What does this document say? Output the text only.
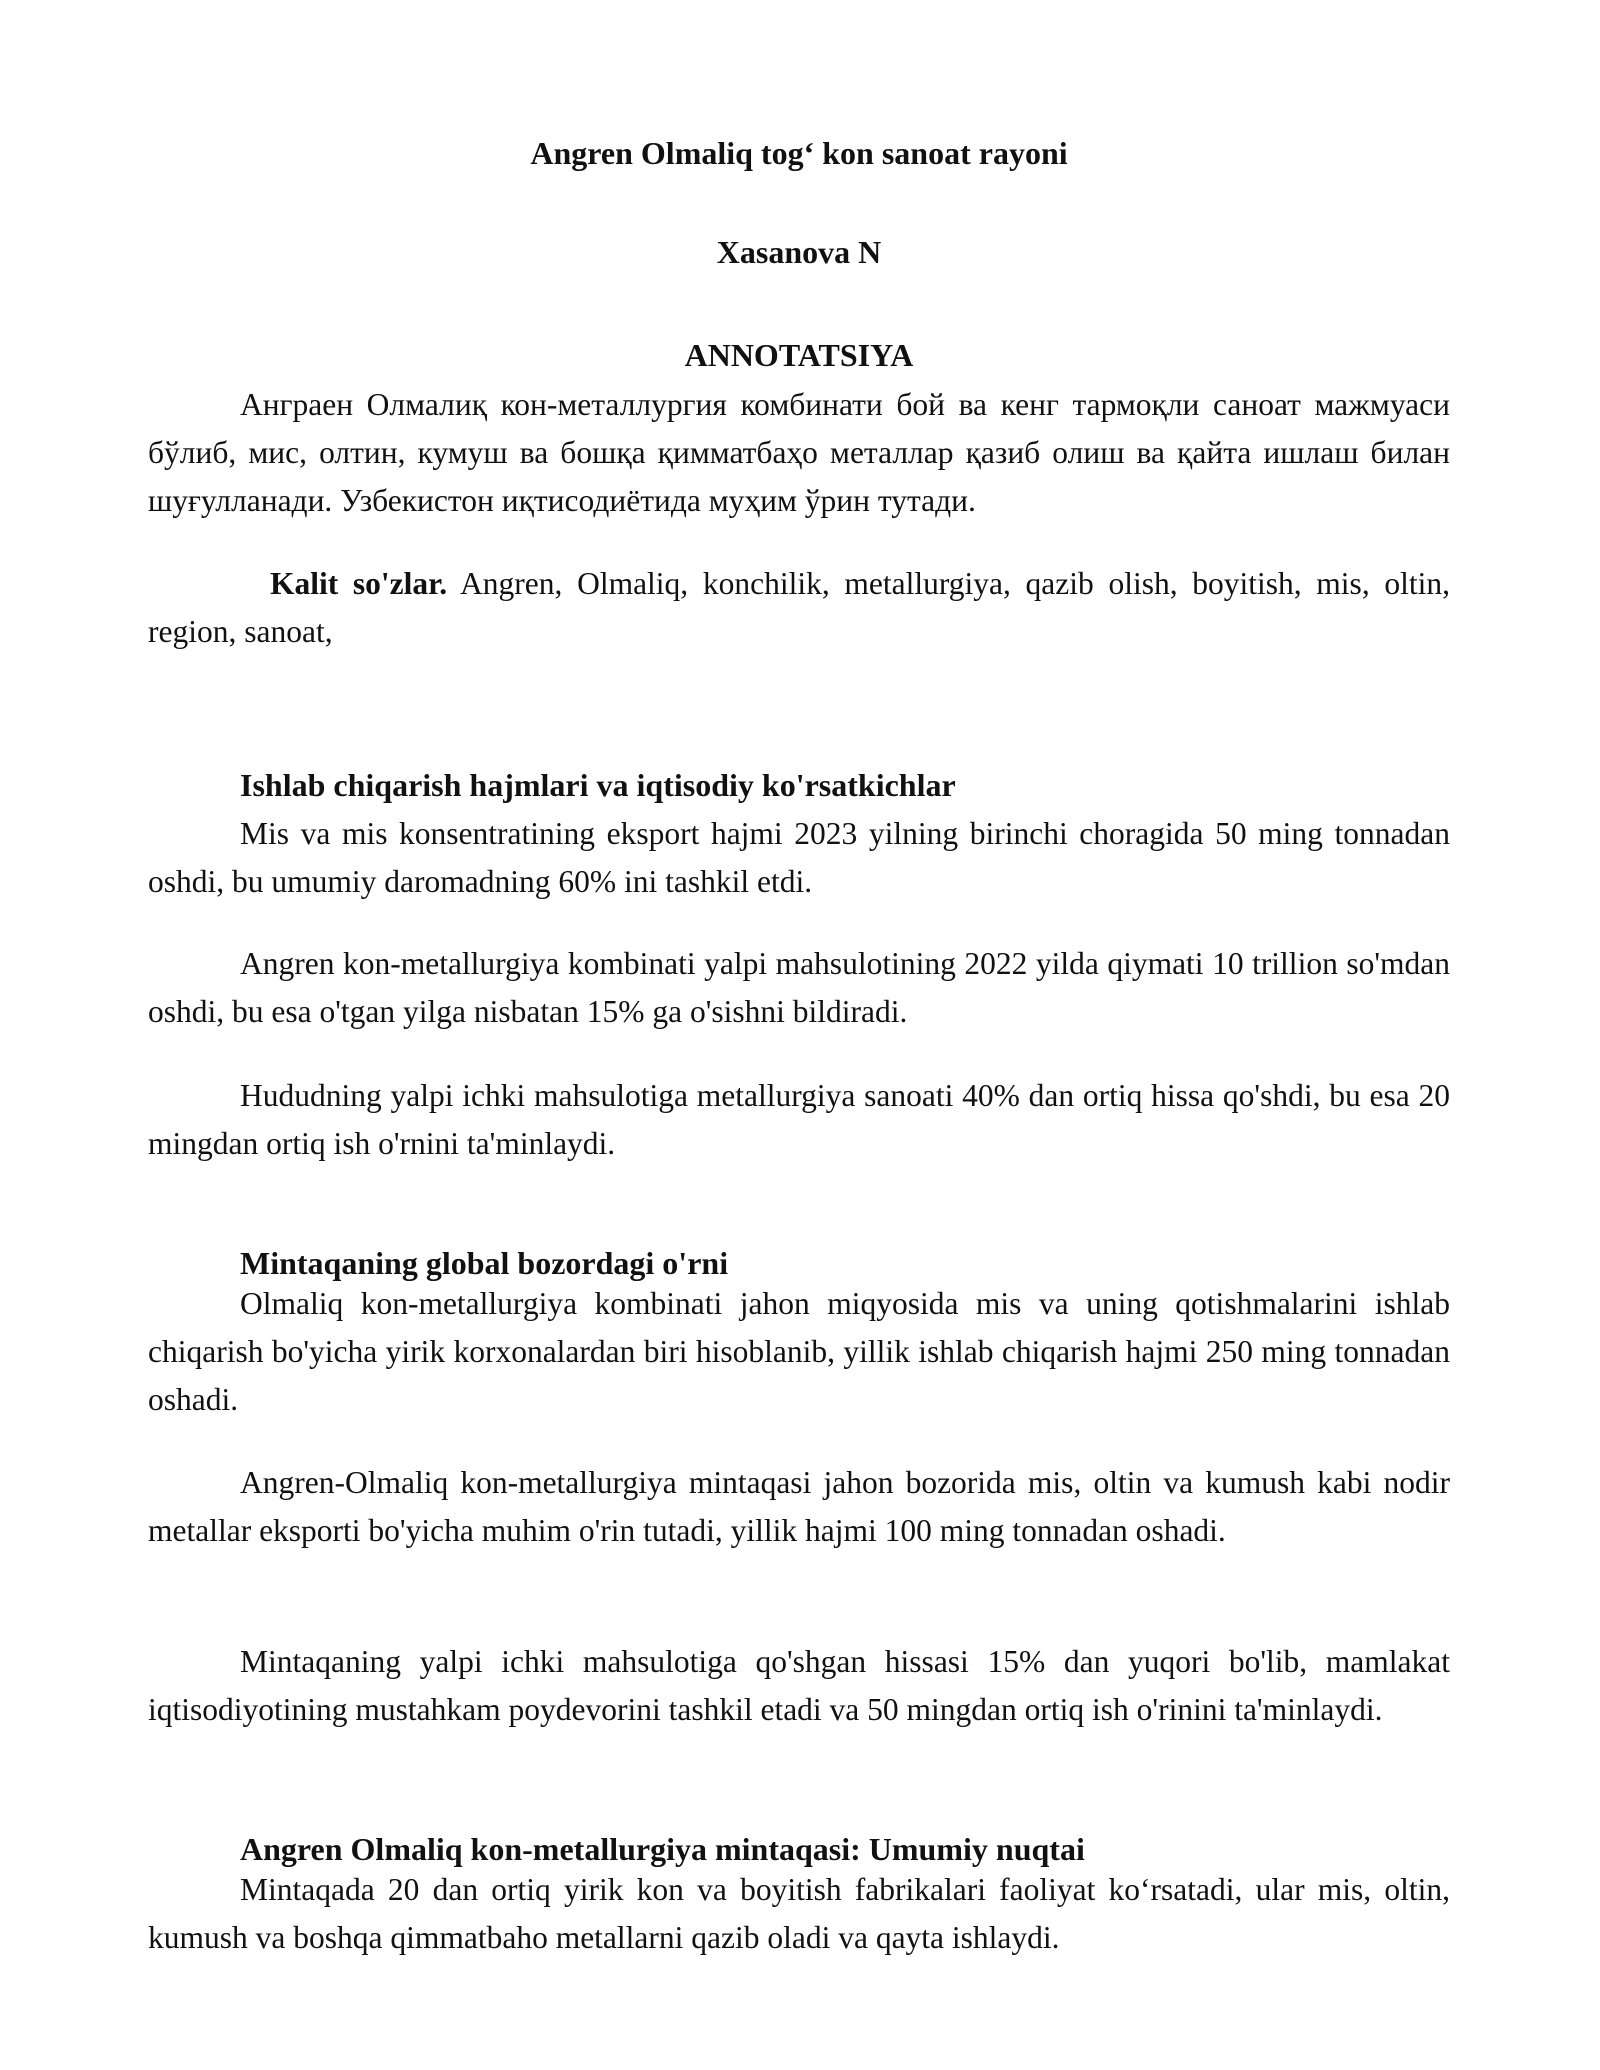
Angren Olmaliq tog‘ kon sanoat rayoni

Xasanova N

ANNOTATSIYA

Анграен Олмалиқ кон-металлургия комбинати бой ва кенг тармоқли саноат мажмуаси бўлиб, мис, олтин, кумуш ва бошқа қимматбаҳо металлар қазиб олиш ва қайта ишлаш билан шуғулланади. Узбекистон иқтисодиётида муҳим ўрин тутади.

Kalit so'zlar. Angren, Olmaliq, konchilik, metallurgiya, qazib olish, boyitish, mis, oltin, region, sanoat,

Ishlab chiqarish hajmlari va iqtisodiy ko'rsatkichlar

Mis va mis konsentratining eksport hajmi 2023 yilning birinchi choragida 50 ming tonnadan oshdi, bu umumiy daromadning 60% ini tashkil etdi.

Angren kon-metallurgiya kombinati yalpi mahsulotining 2022 yilda qiymati 10 trillion so'mdan oshdi, bu esa o'tgan yilga nisbatan 15% ga o'sishni bildiradi.

Hududning yalpi ichki mahsulotiga metallurgiya sanoati 40% dan ortiq hissa qo'shdi, bu esa 20 mingdan ortiq ish o'rnini ta'minlaydi.

Mintaqaning global bozordagi o'rni

Olmaliq kon-metallurgiya kombinati jahon miqyosida mis va uning qotishmalarini ishlab chiqarish bo'yicha yirik korxonalardan biri hisoblanib, yillik ishlab chiqarish hajmi 250 ming tonnadan oshadi.

Angren-Olmaliq kon-metallurgiya mintaqasi jahon bozorida mis, oltin va kumush kabi nodir metallar eksporti bo'yicha muhim o'rin tutadi, yillik hajmi 100 ming tonnadan oshadi.

Mintaqaning yalpi ichki mahsulotiga qo'shgan hissasi 15% dan yuqori bo'lib, mamlakat iqtisodiyotining mustahkam poydevorini tashkil etadi va 50 mingdan ortiq ish o'rinini ta'minlaydi.

Angren Olmaliq kon-metallurgiya mintaqasi: Umumiy nuqtai

Mintaqada 20 dan ortiq yirik kon va boyitish fabrikalari faoliyat ko‘rsatadi, ular mis, oltin, kumush va boshqa qimmatbaho metallarni qazib oladi va qayta ishlaydi.
